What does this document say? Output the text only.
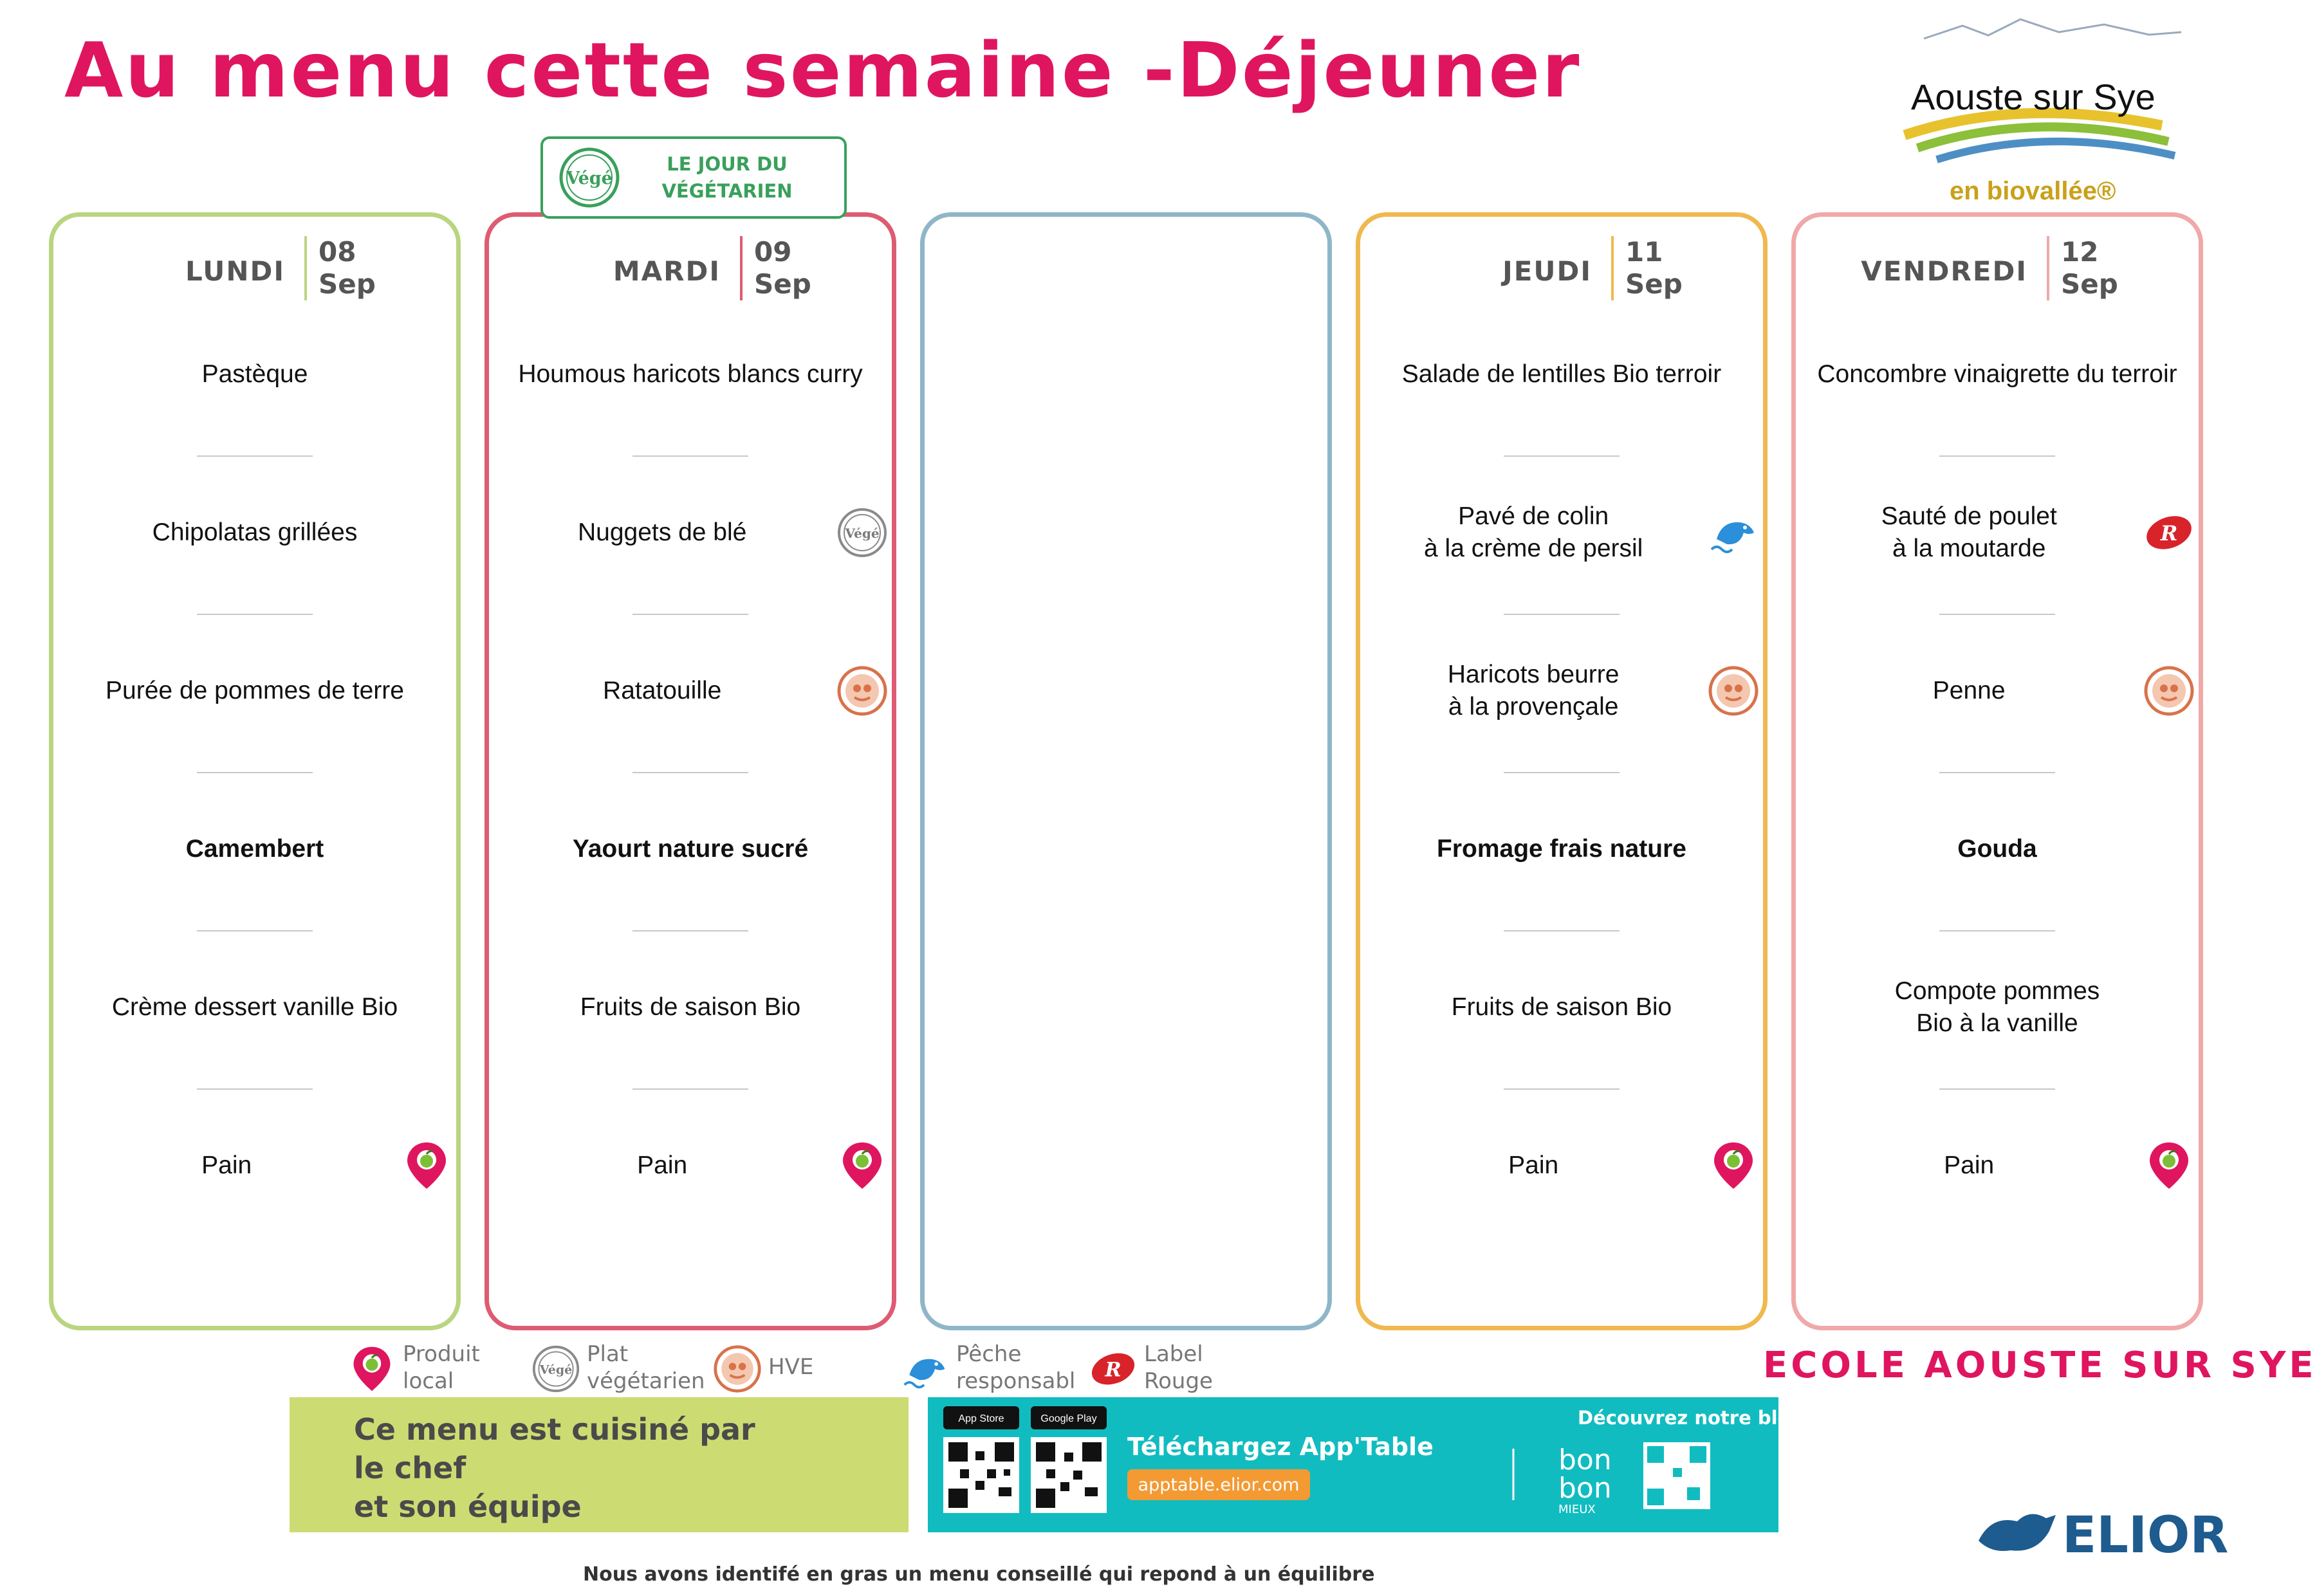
Au menu cette semaine -Déjeuner	Aouste sur Sye
en biovallée®
Végé
LE JOUR DU
VÉGÉTARIEN
LUNDI
08
Sep
Pastèque
Chipolatas grillées
Purée de pommes de terre
Camembert
Crème dessert vanille Bio
Pain
MARDI
09
Sep
Houmous haricots blancs curry
Nuggets de blé	Végé
Ratatouille
Yaourt nature sucré
Fruits de saison Bio
Pain
JEUDI
11
Sep
Salade de lentilles Bio terroir
Pavé de colin
à la crème de persil
Haricots beurre
à la provençale
Fromage frais nature
Fruits de saison Bio
Pain
VENDREDI
12
Sep
Concombre vinaigrette du terroir
Sauté de poulet
à la moutarde
R
Penne
Gouda
Compote pommes
Bio à la vanille
Pain
Produit
local	Végé
Plat
végétarien
HVE	Pêche
responsabl R
Label
Rouge	ECOLE AOUSTE SUR SYE
Ce menu est cuisiné par
le chef
et son équipe
App Store	Google Play
Téléchargez App'Table
apptable.elior.com
Découvrez notre blog
bon
bon
MIEUX	ELIOR
Nous avons identifé en gras un menu conseillé qui repond à un équilibre
